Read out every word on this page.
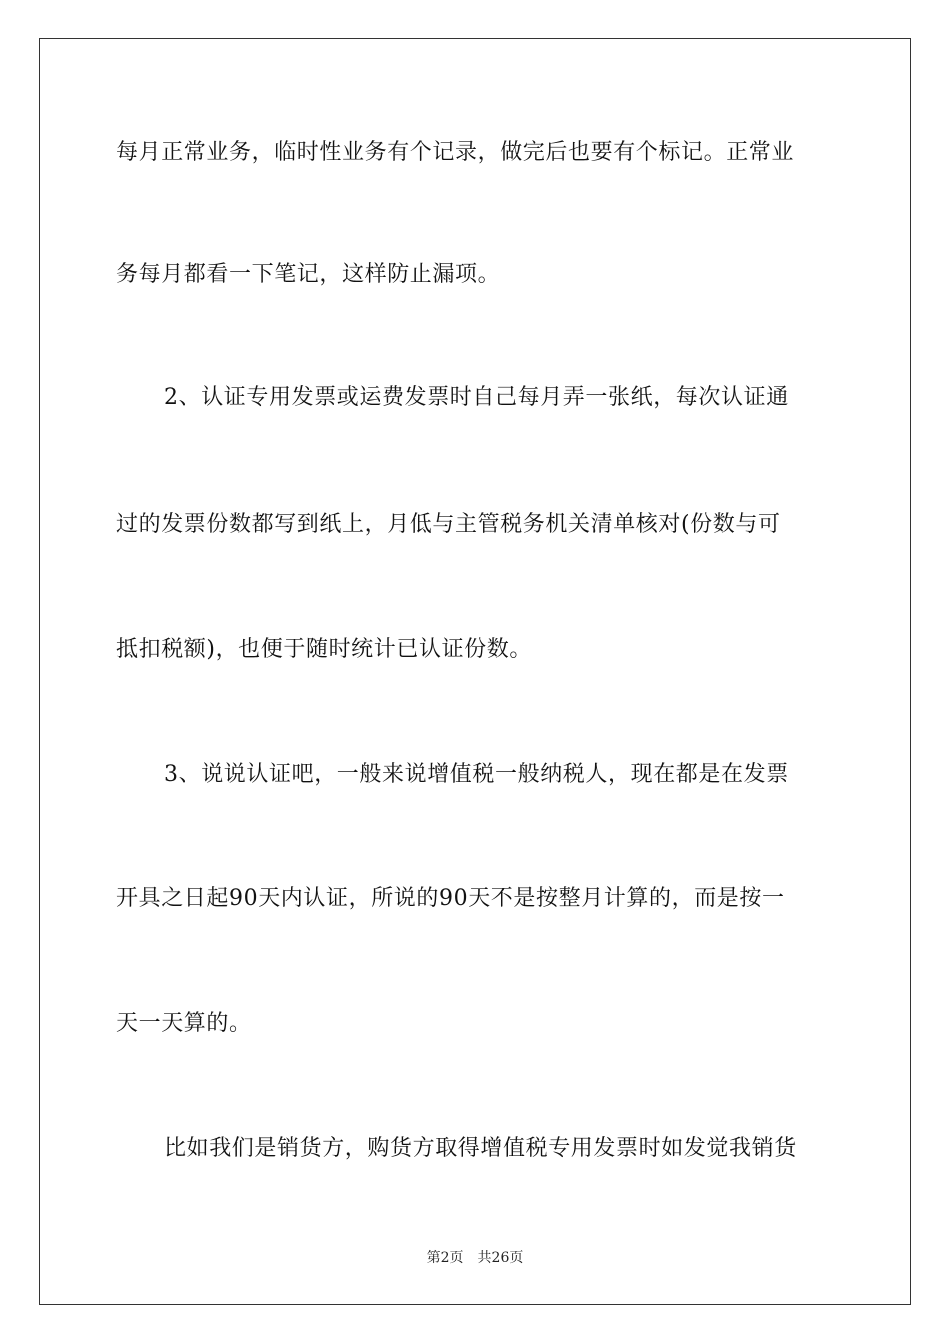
每月正常业务，临时性业务有个记录，做完后也要有个标记。正常业
务每月都看一下笔记，这样防止漏项。
2、认证专用发票或运费发票时自己每月弄一张纸，每次认证通
过的发票份数都写到纸上，月低与主管税务机关清单核对(份数与可
抵扣税额)，也便于随时统计已认证份数。
3、说说认证吧，一般来说增值税一般纳税人，现在都是在发票
开具之日起90天内认证，所说的90天不是按整月计算的，而是按一
天一天算的。
比如我们是销货方，购货方取得增值税专用发票时如发觉我销货
第2页 共26页
